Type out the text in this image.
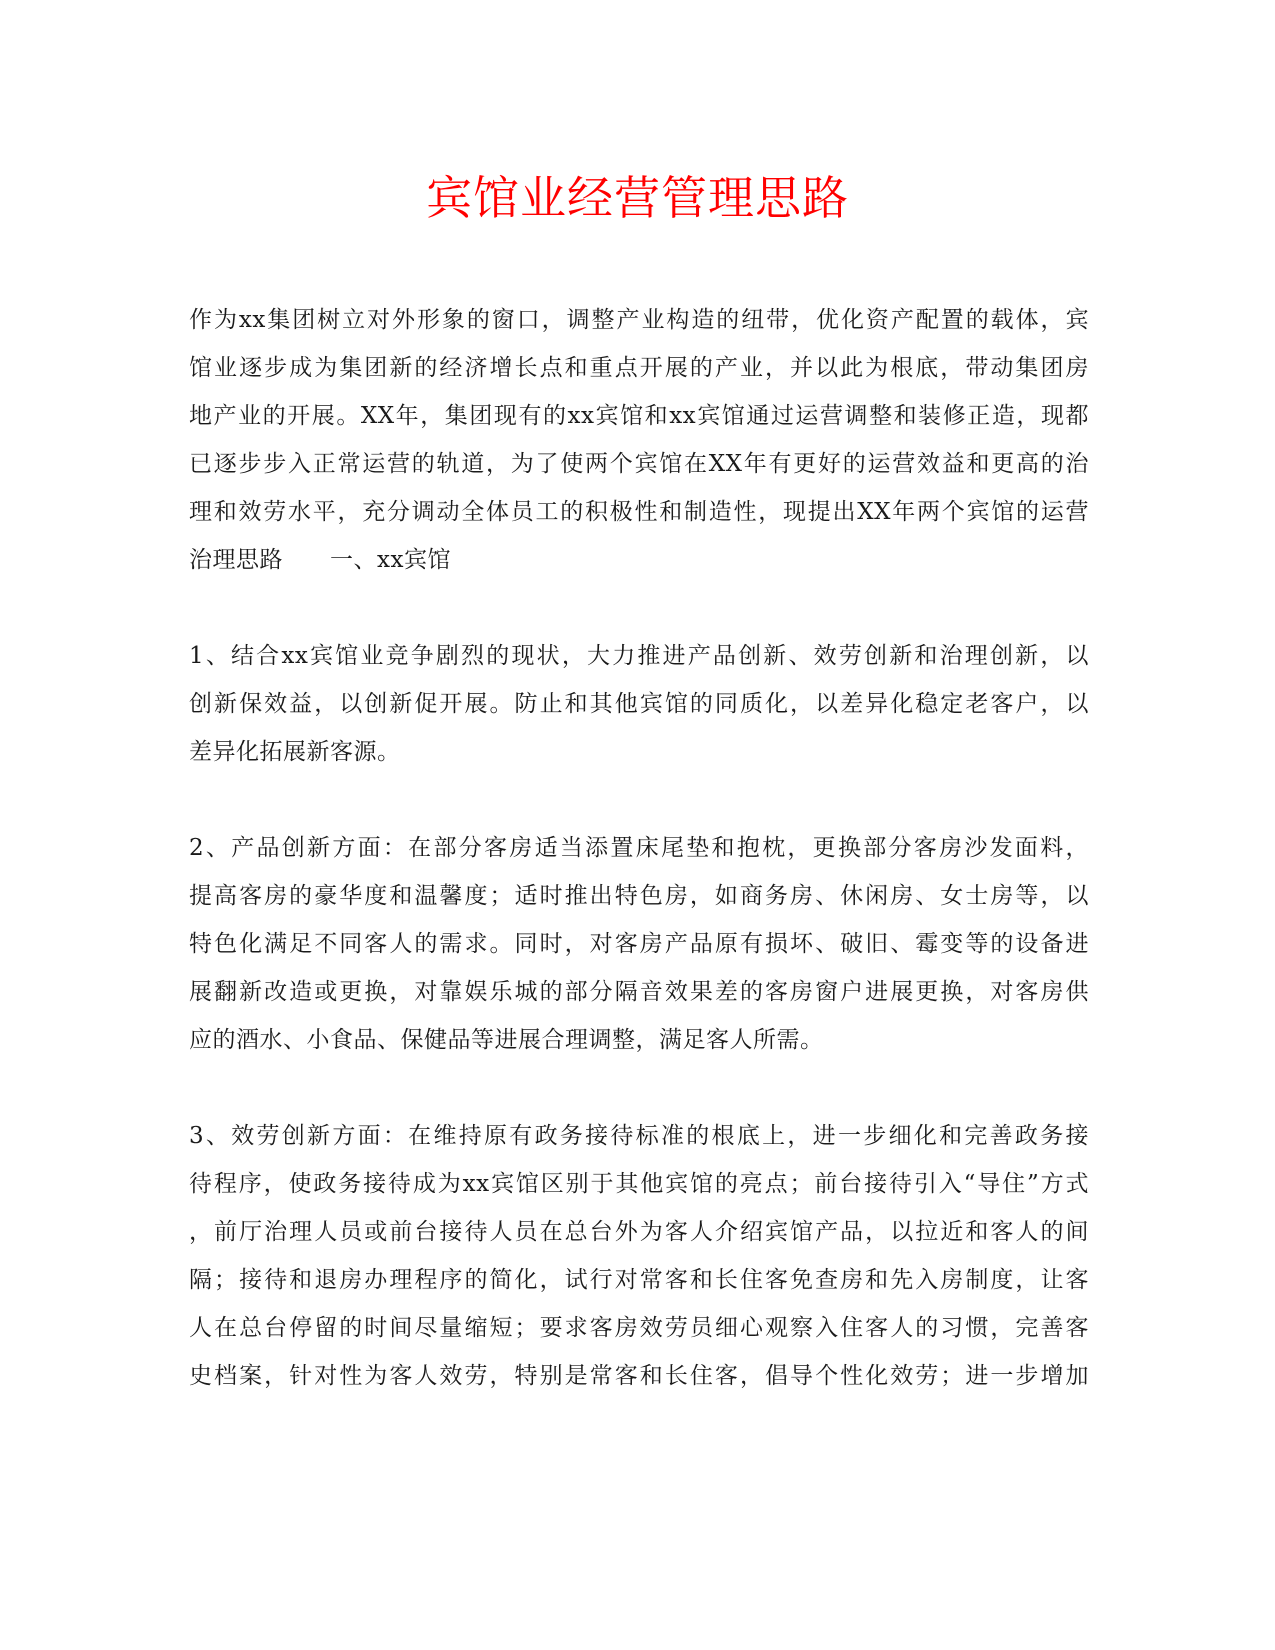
宾馆业经营管理思路
作为xx集团树立对外形象的窗口，调整产业构造的纽带，优化资产配置的载体，宾
馆业逐步成为集团新的经济增长点和重点开展的产业，并以此为根底，带动集团房
地产业的开展。XX年，集团现有的xx宾馆和xx宾馆通过运营调整和装修正造，现都
已逐步步入正常运营的轨道，为了使两个宾馆在XX年有更好的运营效益和更高的治
理和效劳水平，充分调动全体员工的积极性和制造性，现提出XX年两个宾馆的运营
治理思路　　一、xx宾馆
1、结合xx宾馆业竞争剧烈的现状，大力推进产品创新、效劳创新和治理创新，以
创新保效益，以创新促开展。防止和其他宾馆的同质化，以差异化稳定老客户，以
差异化拓展新客源。
2、产品创新方面：在部分客房适当添置床尾垫和抱枕，更换部分客房沙发面料，
提高客房的豪华度和温馨度；适时推出特色房，如商务房、休闲房、女士房等，以
特色化满足不同客人的需求。同时，对客房产品原有损坏、破旧、霉变等的设备进
展翻新改造或更换，对靠娱乐城的部分隔音效果差的客房窗户进展更换，对客房供
应的酒水、小食品、保健品等进展合理调整，满足客人所需。
3、效劳创新方面：在维持原有政务接待标准的根底上，进一步细化和完善政务接
待程序，使政务接待成为xx宾馆区别于其他宾馆的亮点；前台接待引入“导住”方式
，前厅治理人员或前台接待人员在总台外为客人介绍宾馆产品，以拉近和客人的间
隔；接待和退房办理程序的简化，试行对常客和长住客免查房和先入房制度，让客
人在总台停留的时间尽量缩短；要求客房效劳员细心观察入住客人的习惯，完善客
史档案，针对性为客人效劳，特别是常客和长住客，倡导个性化效劳；进一步增加
